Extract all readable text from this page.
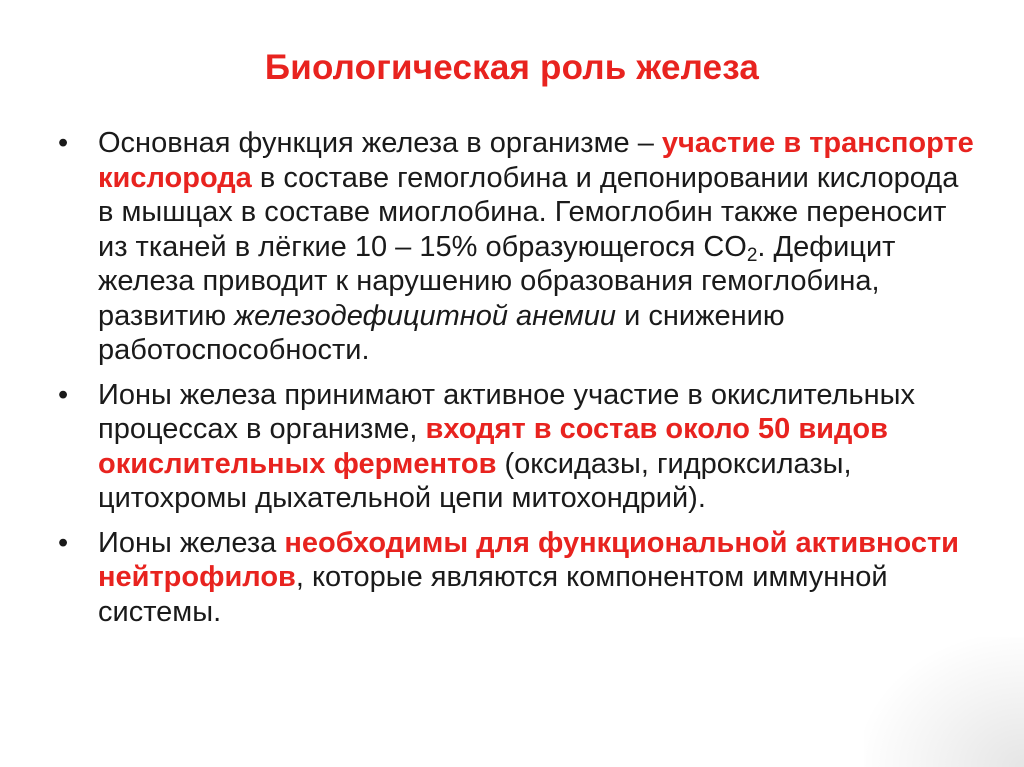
Биологическая роль железа
•	Основная функция железа в организме – участие в транспорте кислорода в составе гемоглобина и депонировании кислорода в мышцах в составе миоглобина. Гемоглобин также переносит из тканей в лёгкие 10 – 15% образующегося $CO_2$. Дефицит железа приводит к нарушению образования гемоглобина, развитию железодефицитной анемии и снижению работоспособности.
•	Ионы железа принимают активное участие в окислительных процессах в организме, входят в состав около 50 видов окислительных ферментов (оксидазы, гидроксилазы, цитохромы дыхательной цепи митохондрий).
•	Ионы железа необходимы для функциональной активности нейтрофилов, которые являются компонентом иммунной системы.
